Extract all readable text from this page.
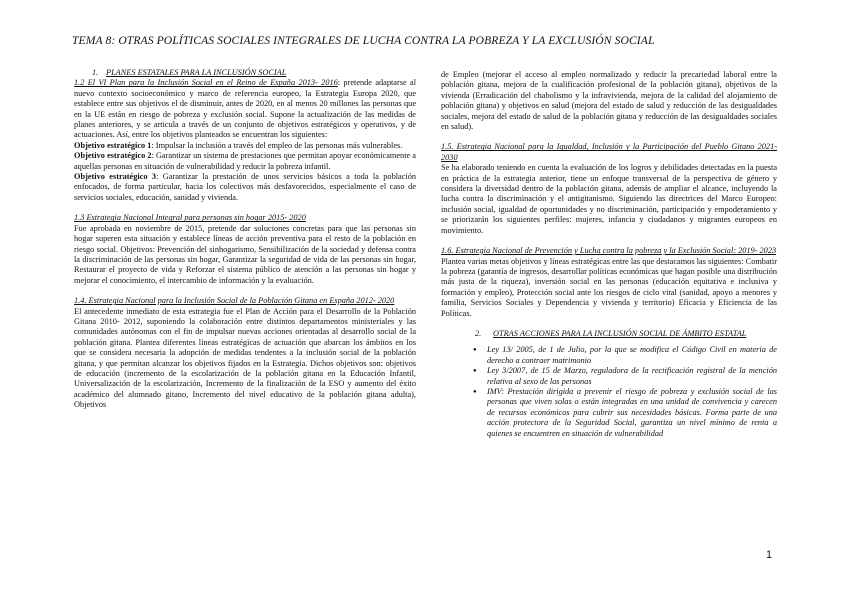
TEMA 8: OTRAS POLÍTICAS SOCIALES INTEGRALES DE LUCHA CONTRA LA POBREZA Y LA EXCLUSIÓN SOCIAL

1. PLANES ESTATALES PARA LA INCLUSIÓN SOCIAL

1.2 El VI Plan para la Inclusión Social en el Reino de España 2013- 2016: pretende adaptarse al nuevo contexto socioeconómico y marco de referencia europeo, la Estrategia Europa 2020, que establece entre sus objetivos el de disminuir, antes de 2020, en al menos 20 millones las personas que en la UE están en riesgo de pobreza y exclusión social. Supone la actualización de las medidas de planes anteriores, y se articula a través de un conjunto de objetivos estratégicos y operativos, y de actuaciones. Así, entre los objetivos planteados se encuentran los siguientes:

Objetivo estratégico 1: Impulsar la inclusión a través del empleo de las personas más vulnerables.

Objetivo estratégico 2: Garantizar un sistema de prestaciones que permitan apoyar económicamente a aquellas personas en situación de vulnerabilidad y reducir la pobreza infantil.

Objetivo estratégico 3: Garantizar la prestación de unos servicios básicos a toda la población enfocados, de forma particular, hacia los colectivos más desfavorecidos, especialmente el caso de servicios sociales, educación, sanidad y vivienda.

1.3 Estrategia Nacional Integral para personas sin hogar 2015- 2020

Fue aprobada en noviembre de 2015, pretende dar soluciones concretas para que las personas sin hogar superen esta situación y establece líneas de acción preventiva para el resto de la población en riesgo social. Objetivos: Prevención del sinhogarismo, Sensibilización de la sociedad y defensa contra la discriminación de las personas sin hogar, Garantizar la seguridad de vida de las personas sin hogar, Restaurar el proyecto de vida y Reforzar el sistema público de atención a las personas sin hogar y mejorar el conocimiento, el intercambio de información y la evaluación.

1.4. Estrategia Nacional para la Inclusión Social de la Población Gitana en España 2012- 2020

El antecedente inmediato de esta estrategia fue el Plan de Acción para el Desarrollo de la Población Gitana 2010- 2012, suponiendo la colaboración entre distintos departamentos ministeriales y las comunidades autónomas con el fin de impulsar nuevas acciones orientadas al desarrollo social de la población gitana. Plantea diferentes líneas estratégicas de actuación que abarcan los ámbitos en los que se considera necesaria la adopción de medidas tendentes a la inclusión social de la población gitana, y que permitan alcanzar los objetivos fijados en la Estrategia. Dichos objetivos son: objetivos de educación (incremento de la escolarización de la población gitana en la Educación Infantil, Universalización de la escolarización, Incremento de la finalización de la ESO y aumento del éxito académico del alumnado gitano, Incremento del nivel educativo de la población gitana adulta), Objetivos

de Empleo (mejorar el acceso al empleo normalizado y reducir la precariedad laboral entre la población gitana, mejora de la cualificación profesional de la población gitana), objetivos de la vivienda (Erradicación del chabolismo y la infravivienda, mejora de la calidad del alojamiento de población gitana) y objetivos en salud (mejora del estado de salud y reducción de las desigualdades sociales, mejora del estado de salud de la población gitana y reducción de las desigualdades sociales en salud).

1.5. Estrategia Nacional para la Igualdad, Inclusión y la Participación del Pueblo Gitano 2021- 2030

Se ha elaborado teniendo en cuenta la evaluación de los logros y debilidades detectadas en la puesta en práctica de la estrategia anterior, tiene un enfoque transversal de la perspectiva de género y considera la diversidad dentro de la población gitana, además de ampliar el alcance, incluyendo la lucha contra la discriminación y el antigitanismo. Siguiendo las directrices del Marco Europeo: inclusión social, igualdad de oportunidades y no discriminación, participación y empoderamiento y se priorizarán los siguientes perfiles: mujeres, infancia y ciudadanos y migrantes europeos en movimiento.

1.6. Estrategia Nacional de Prevención y Lucha contra la pobreza y la Exclusión Social: 2019- 2023

Plantea varias metas objetivos y líneas estratégicas entre las que destacamos las siguientes: Combatir la pobreza (garantía de ingresos, desarrollar políticas económicas que hagan posible una distribución más justa de la riqueza), inversión social en las personas (educación equitativa e inclusiva y formación y empleo), Protección social ante los riesgos de ciclo vital (sanidad, apoyo a menores y familia, Servicios Sociales y Dependencia y vivienda y territorio) Eficacia y Eficiencia de las Políticas.

2. OTRAS ACCIONES PARA LA INCLUSIÓN SOCIAL DE ÁMBITO ESTATAL

● Ley 13/ 2005, de 1 de Julio, por la que se modifica el Código Civil en materia de derecho a contraer matrimonio
● Ley 3/2007, de 15 de Marzo, reguladora de la rectificación registral de la mención relativa al sexo de las personas
● IMV: Prestación dirigida a prevenir el riesgo de pobreza y exclusión social de las personas que viven solas o están integradas en una unidad de convivencia y carecen de recursos económicos para cubrir sus necesidades básicas. Forma parte de una acción protectora de la Seguridad Social, garantiza un nivel mínimo de renta a quienes se encuentren en situación de vulnerabilidad
1
